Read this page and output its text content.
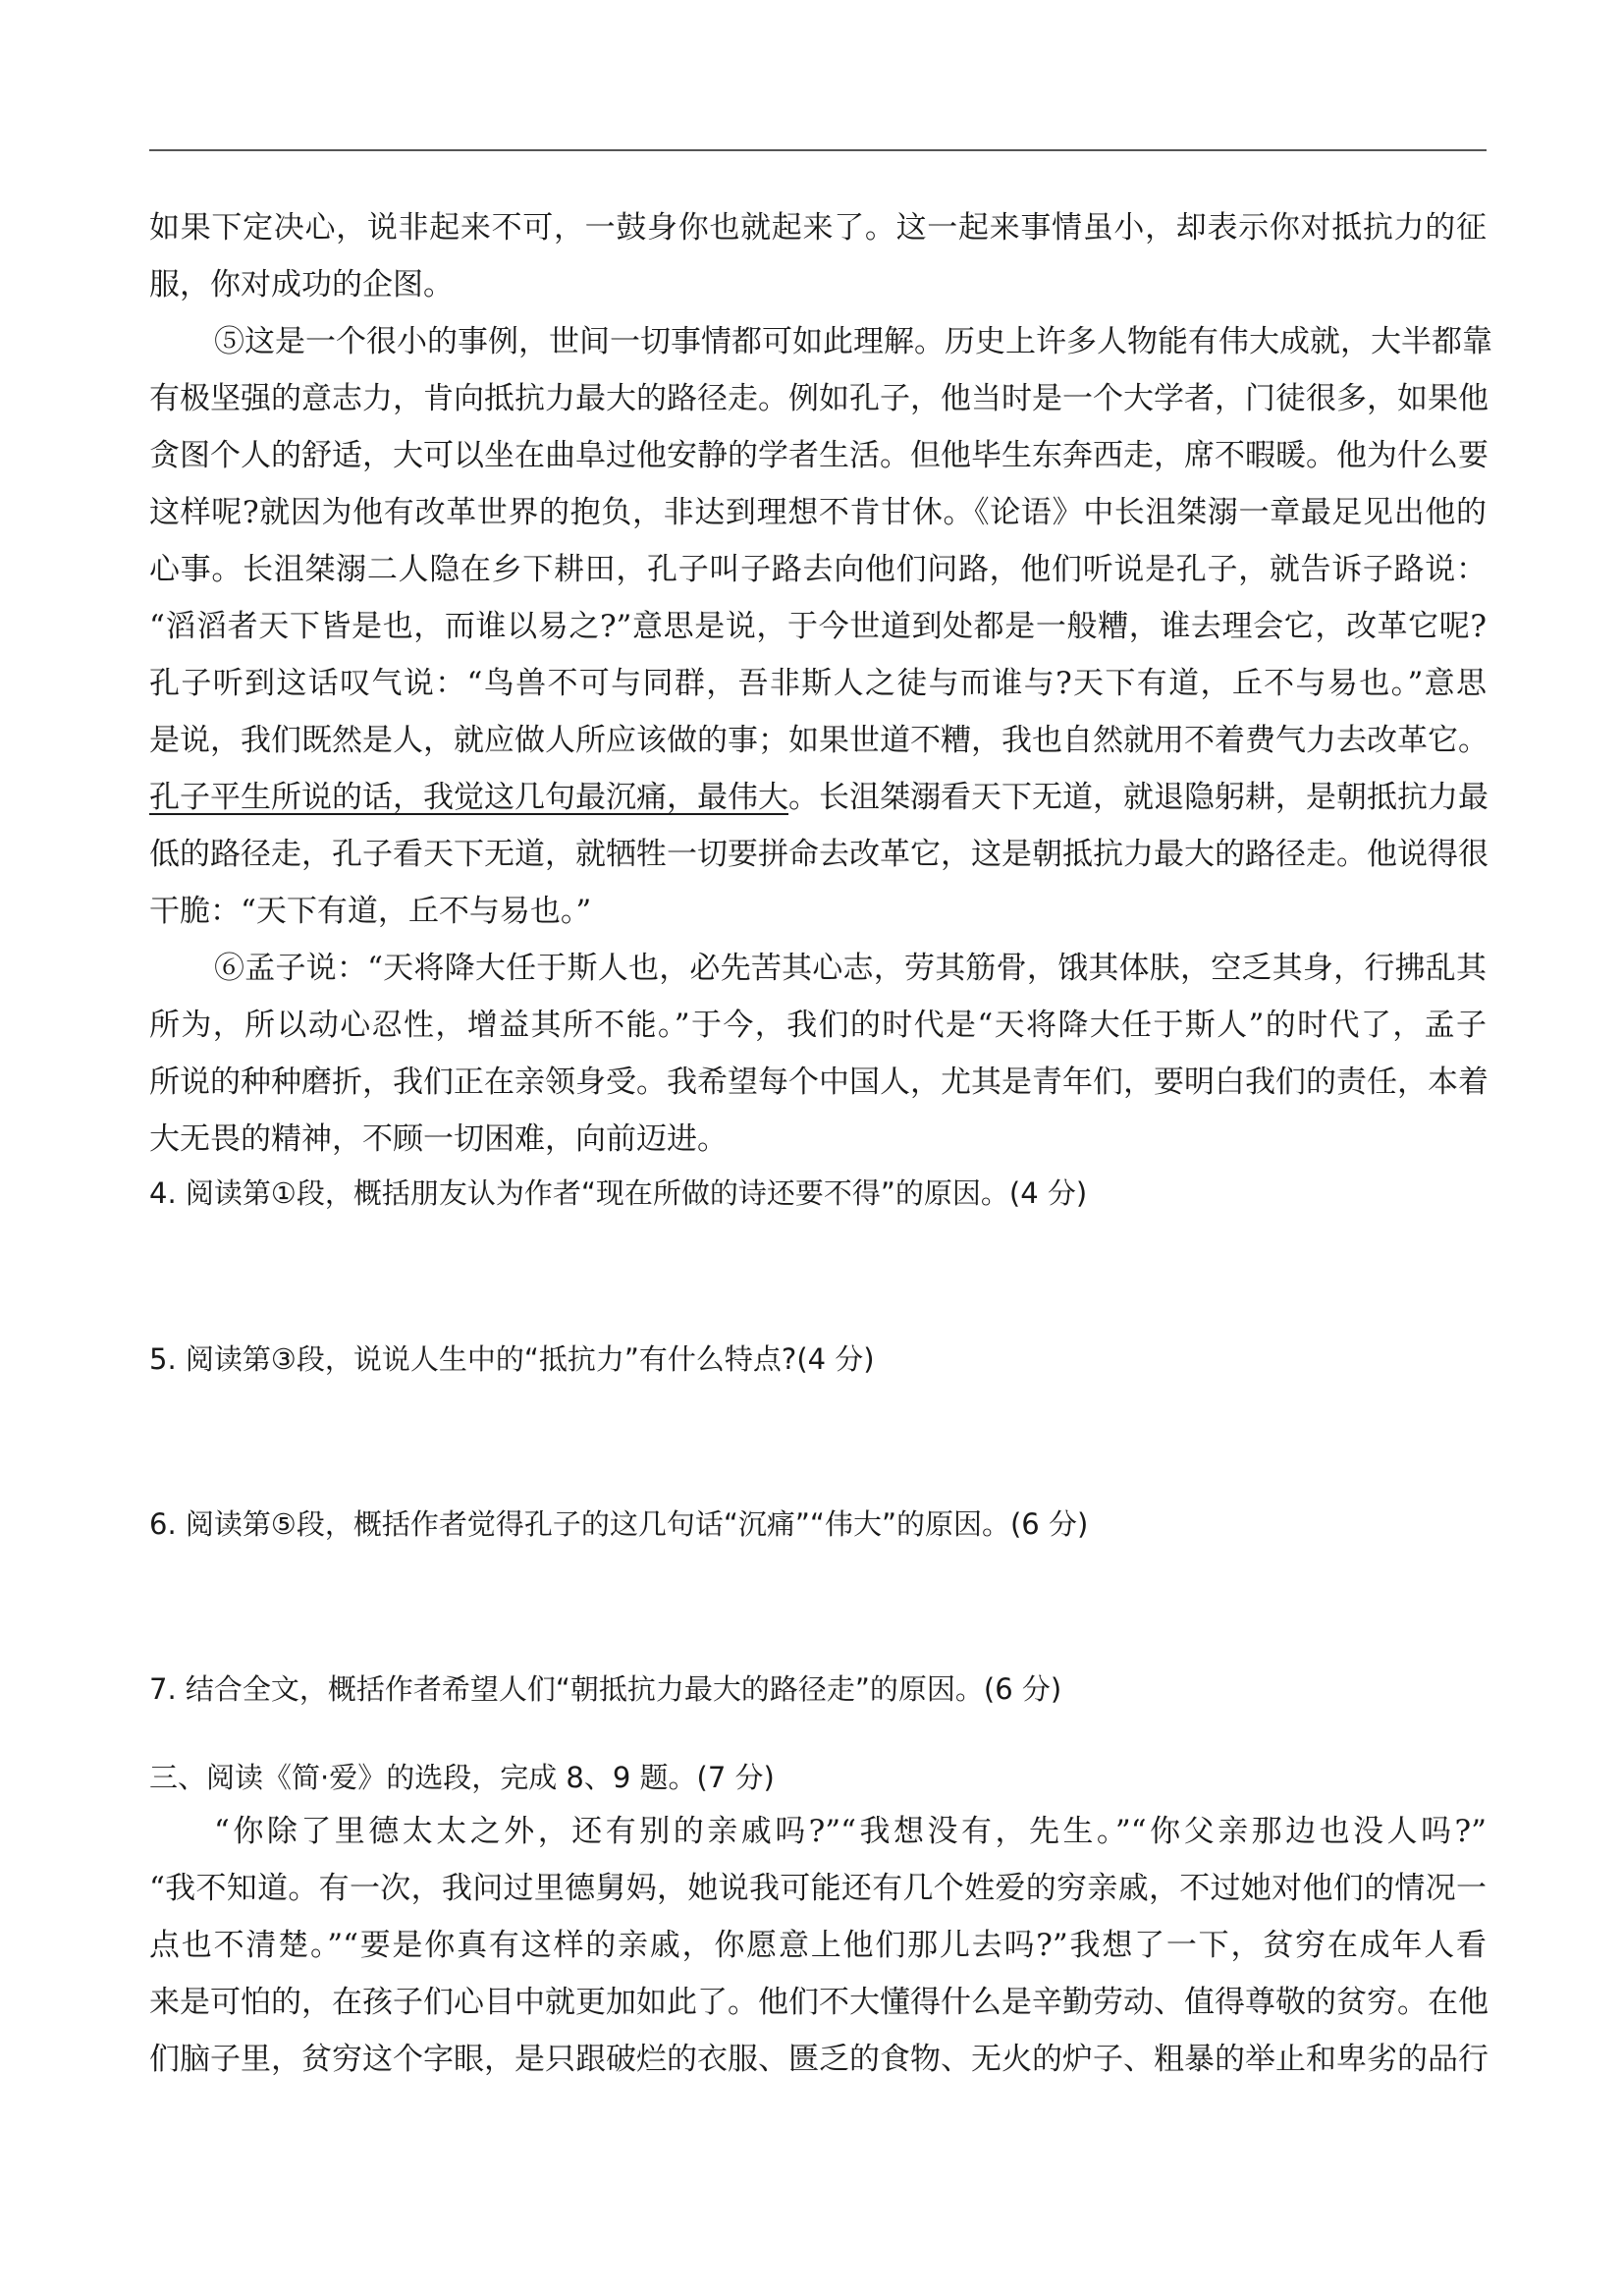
如果下定决心，说非起来不可，一鼓身你也就起来了。这一起来事情虽小，却表示你对抵抗力的征
服，你对成功的企图。
⑤这是一个很小的事例，世间一切事情都可如此理解。历史上许多人物能有伟大成就，大半都靠
有极坚强的意志力，肯向抵抗力最大的路径走。例如孔子，他当时是一个大学者，门徒很多，如果他
贪图个人的舒适，大可以坐在曲阜过他安静的学者生活。但他毕生东奔西走，席不暇暖。他为什么要
这样呢?就因为他有改革世界的抱负，非达到理想不肯甘休。《论语》中长沮桀溺一章最足见出他的
心事。长沮桀溺二人隐在乡下耕田，孔子叫子路去向他们问路，他们听说是孔子，就告诉子路说：
“滔滔者天下皆是也，而谁以易之?”意思是说，于今世道到处都是一般糟，谁去理会它，改革它呢?
孔子听到这话叹气说：“鸟兽不可与同群，吾非斯人之徒与而谁与?天下有道，丘不与易也。”意思
是说，我们既然是人，就应做人所应该做的事；如果世道不糟，我也自然就用不着费气力去改革它。
孔子平生所说的话，我觉这几句最沉痛，最伟大。长沮桀溺看天下无道，就退隐躬耕，是朝抵抗力最
低的路径走，孔子看天下无道，就牺牲一切要拼命去改革它，这是朝抵抗力最大的路径走。他说得很
干脆：“天下有道，丘不与易也。”
⑥孟子说：“天将降大任于斯人也，必先苦其心志，劳其筋骨，饿其体肤，空乏其身，行拂乱其
所为，所以动心忍性，增益其所不能。”于今，我们的时代是“天将降大任于斯人”的时代了，孟子
所说的种种磨折，我们正在亲领身受。我希望每个中国人，尤其是青年们，要明白我们的责任，本着
大无畏的精神，不顾一切困难，向前迈进。
4. 阅读第①段，概括朋友认为作者“现在所做的诗还要不得”的原因。(4 分)
5. 阅读第③段，说说人生中的“抵抗力”有什么特点?(4 分)
6. 阅读第⑤段，概括作者觉得孔子的这几句话“沉痛”“伟大”的原因。(6 分)
7. 结合全文，概括作者希望人们“朝抵抗力最大的路径走”的原因。(6 分)
三、阅读《简·爱》的选段，完成 8、9 题。(7 分)
“你除了里德太太之外，还有别的亲戚吗?”“我想没有，先生。”“你父亲那边也没人吗?”
“我不知道。有一次，我问过里德舅妈，她说我可能还有几个姓爱的穷亲戚，不过她对他们的情况一
点也不清楚。”“要是你真有这样的亲戚，你愿意上他们那儿去吗?”我想了一下，贫穷在成年人看
来是可怕的，在孩子们心目中就更加如此了。他们不大懂得什么是辛勤劳动、值得尊敬的贫穷。在他
们脑子里，贫穷这个字眼，是只跟破烂的衣服、匮乏的食物、无火的炉子、粗暴的举止和卑劣的品行
